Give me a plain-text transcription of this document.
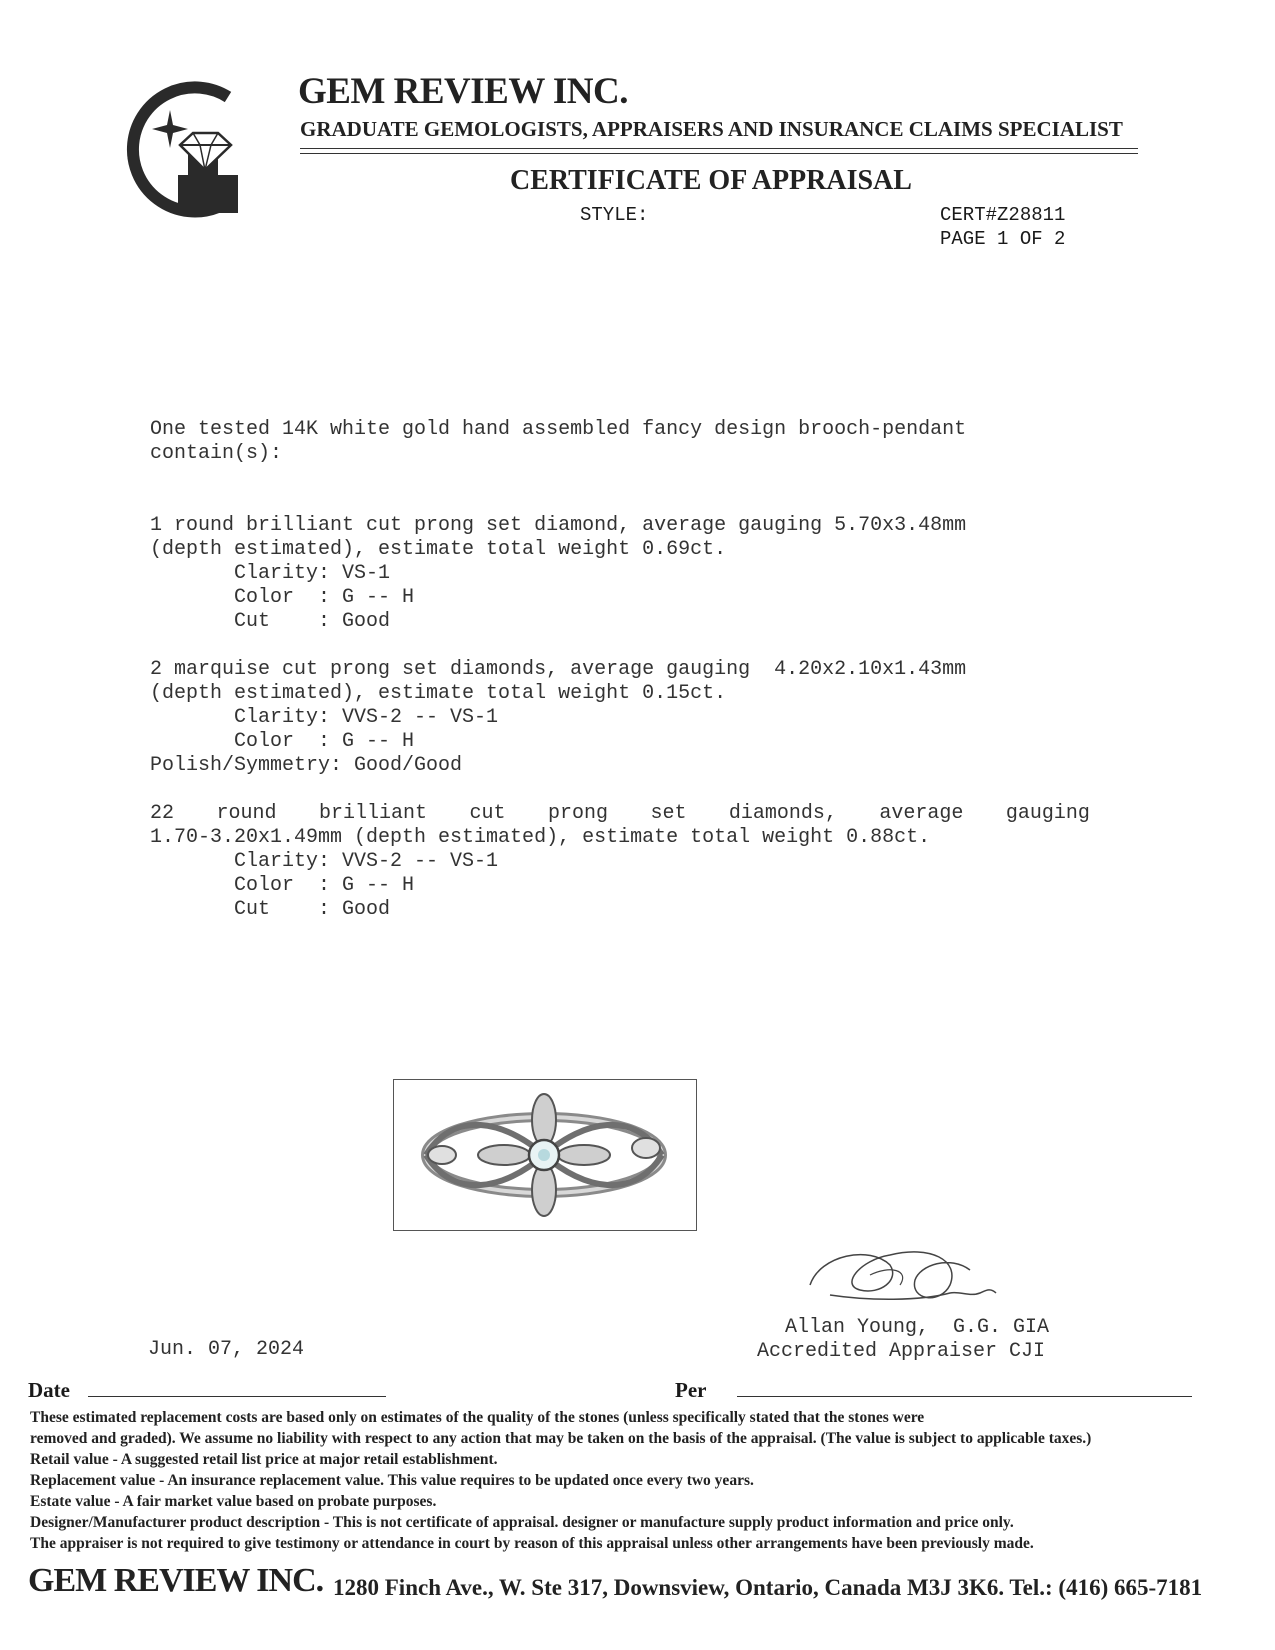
GEM REVIEW INC.
GRADUATE GEMOLOGISTS, APPRAISERS AND INSURANCE CLAIMS SPECIALIST
CERTIFICATE OF APPRAISAL
STYLE:	CERT#Z28811
PAGE 1 OF 2
One tested 14K white gold hand assembled fancy design brooch-pendant
contain(s):
1 round brilliant cut prong set diamond, average gauging 5.70x3.48mm
(depth estimated), estimate total weight 0.69ct.
Clarity: VS-1
Color  : G -- H
Cut    : Good
2 marquise cut prong set diamonds, average gauging  4.20x2.10x1.43mm
(depth estimated), estimate total weight 0.15ct.
Clarity: VVS-2 -- VS-1
Color  : G -- H
Polish/Symmetry: Good/Good
22 round brilliant cut prong set diamonds, average gauging
1.70-3.20x1.49mm (depth estimated), estimate total weight 0.88ct.
Clarity: VVS-2 -- VS-1
Color  : G -- H
Cut    : Good
Allan Young,  G.G. GIA
Accredited Appraiser CJI
Jun. 07, 2024
Date	Per
These estimated replacement costs are based only on estimates of the quality of the stones (unless specifically stated that the stones were
removed and graded). We assume no liability with respect to any action that may be taken on the basis of the appraisal. (The value is subject to applicable taxes.)
Retail value - A suggested retail list price at major retail establishment.
Replacement value - An insurance replacement value. This value requires to be updated once every two years.
Estate value - A fair market value based on probate purposes.
Designer/Manufacturer product description - This is not certificate of appraisal. designer or manufacture supply product information and price only.
The appraiser is not required to give testimony or attendance in court by reason of this appraisal unless other arrangements have been previously made.
GEM REVIEW INC. 1280 Finch Ave., W. Ste 317, Downsview, Ontario, Canada M3J 3K6. Tel.: (416) 665-7181
